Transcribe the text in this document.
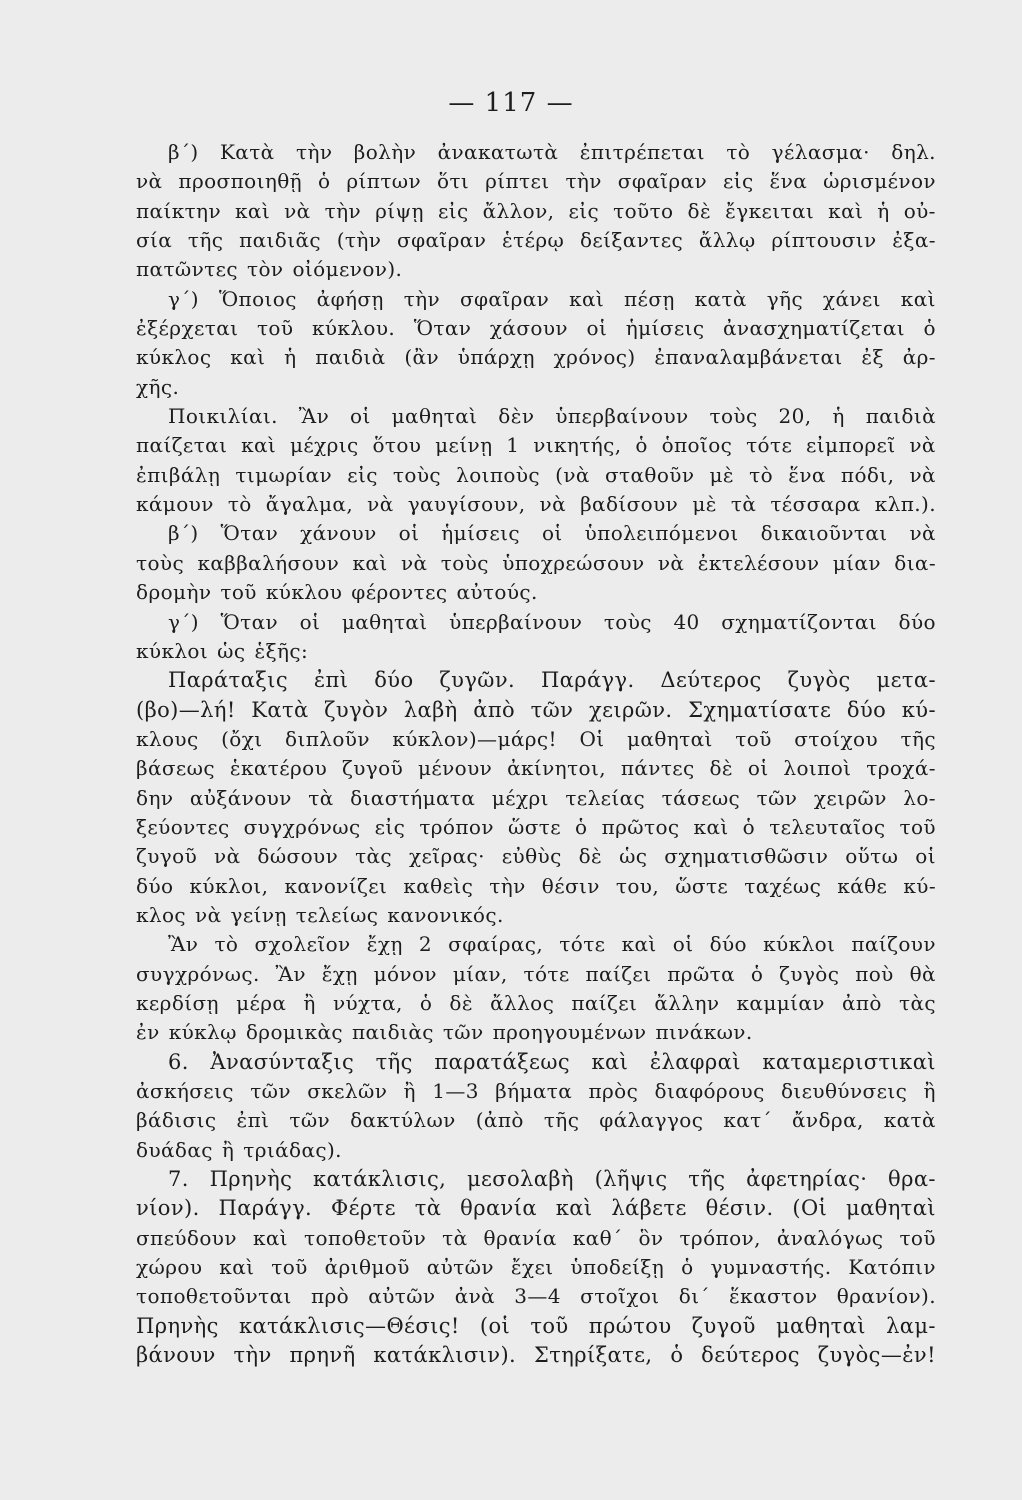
— 117 —
β΄) Κατὰ τὴν βολὴν ἀνακατωτὰ ἐπιτρέπεται τὸ γέλασμα· δηλ.
νὰ προσποιηθῇ ὁ ρίπτων ὅτι ρίπτει τὴν σφαῖραν εἰς ἕνα ὡρισμένον
παίκτην καὶ νὰ τὴν ρίψῃ εἰς ἄλλον, εἰς τοῦτο δὲ ἔγκειται καὶ ἡ οὐ-
σία τῆς παιδιᾶς (τὴν σφαῖραν ἑτέρῳ δείξαντες ἄλλῳ ρίπτουσιν ἐξα-
πατῶντες τὸν οἰόμενον).
γ΄) Ὅποιος ἀφήσῃ τὴν σφαῖραν καὶ πέσῃ κατὰ γῆς χάνει καὶ
ἐξέρχεται τοῦ κύκλου. Ὅταν χάσουν οἱ ἡμίσεις ἀνασχηματίζεται ὁ
κύκλος καὶ ἡ παιδιὰ (ἂν ὑπάρχῃ χρόνος) ἐπαναλαμβάνεται ἐξ ἀρ-
χῆς.
Ποικιλίαι. Ἂν οἱ μαθηταὶ δὲν ὑπερβαίνουν τοὺς 20, ἡ παιδιὰ
παίζεται καὶ μέχρις ὅτου μείνῃ 1 νικητής, ὁ ὁποῖος τότε εἰμπορεῖ νὰ
ἐπιβάλῃ τιμωρίαν εἰς τοὺς λοιποὺς (νὰ σταθοῦν μὲ τὸ ἕνα πόδι, νὰ
κάμουν τὸ ἄγαλμα, νὰ γαυγίσουν, νὰ βαδίσουν μὲ τὰ τέσσαρα κλπ.).
β΄) Ὅταν χάνουν οἱ ἡμίσεις οἱ ὑπολειπόμενοι δικαιοῦνται νὰ
τοὺς καββαλήσουν καὶ νὰ τοὺς ὑποχρεώσουν νὰ ἐκτελέσουν μίαν δια-
δρομὴν τοῦ κύκλου φέροντες αὐτούς.
γ΄) Ὅταν οἱ μαθηταὶ ὑπερβαίνουν τοὺς 40 σχηματίζονται δύο
κύκλοι ὡς ἑξῆς:
Παράταξις ἐπὶ δύο ζυγῶν. Παράγγ. Δεύτερος ζυγὸς μετα-
(βο)—λή! Κατὰ ζυγὸν λαβὴ ἀπὸ τῶν χειρῶν. Σχηματίσατε δύο κύ-
κλους (ὄχι διπλοῦν κύκλον)—μάρς! Οἱ μαθηταὶ τοῦ στοίχου τῆς
βάσεως ἑκατέρου ζυγοῦ μένουν ἀκίνητοι, πάντες δὲ οἱ λοιποὶ τροχά-
δην αὐξάνουν τὰ διαστήματα μέχρι τελείας τάσεως τῶν χειρῶν λο-
ξεύοντες συγχρόνως εἰς τρόπον ὥστε ὁ πρῶτος καὶ ὁ τελευταῖος τοῦ
ζυγοῦ νὰ δώσουν τὰς χεῖρας· εὐθὺς δὲ ὡς σχηματισθῶσιν οὕτω οἱ
δύο κύκλοι, κανονίζει καθεὶς τὴν θέσιν του, ὥστε ταχέως κάθε κύ-
κλος νὰ γείνῃ τελείως κανονικός.
Ἂν τὸ σχολεῖον ἔχῃ 2 σφαίρας, τότε καὶ οἱ δύο κύκλοι παίζουν
συγχρόνως. Ἂν ἔχῃ μόνον μίαν, τότε παίζει πρῶτα ὁ ζυγὸς ποὺ θὰ
κερδίσῃ μέρα ἢ νύχτα, ὁ δὲ ἄλλος παίζει ἄλλην καμμίαν ἀπὸ τὰς
ἐν κύκλῳ δρομικὰς παιδιὰς τῶν προηγουμένων πινάκων.
6. Ἀνασύνταξις τῆς παρατάξεως καὶ ἐλαφραὶ καταμεριστικαὶ
ἀσκήσεις τῶν σκελῶν ἢ 1—3 βήματα πρὸς διαφόρους διευθύνσεις ἢ
βάδισις ἐπὶ τῶν δακτύλων (ἀπὸ τῆς φάλαγγος κατ΄ ἄνδρα, κατὰ
δυάδας ἢ τριάδας).
7. Πρηνὴς κατάκλισις, μεσολαβὴ (λῆψις τῆς ἀφετηρίας· θρα-
νίον). Παράγγ. Φέρτε τὰ θρανία καὶ λάβετε θέσιν. (Οἱ μαθηταὶ
σπεύδουν καὶ τοποθετοῦν τὰ θρανία καθ΄ ὃν τρόπον, ἀναλόγως τοῦ
χώρου καὶ τοῦ ἀριθμοῦ αὐτῶν ἔχει ὑποδείξῃ ὁ γυμναστής. Κατόπιν
τοποθετοῦνται πρὸ αὐτῶν ἀνὰ 3—4 στοῖχοι δι΄ ἕκαστον θρανίον).
Πρηνὴς κατάκλισις—Θέσις! (οἱ τοῦ πρώτου ζυγοῦ μαθηταὶ λαμ-
βάνουν τὴν πρηνῆ κατάκλισιν). Στηρίξατε, ὁ δεύτερος ζυγὸς—ἐν!
